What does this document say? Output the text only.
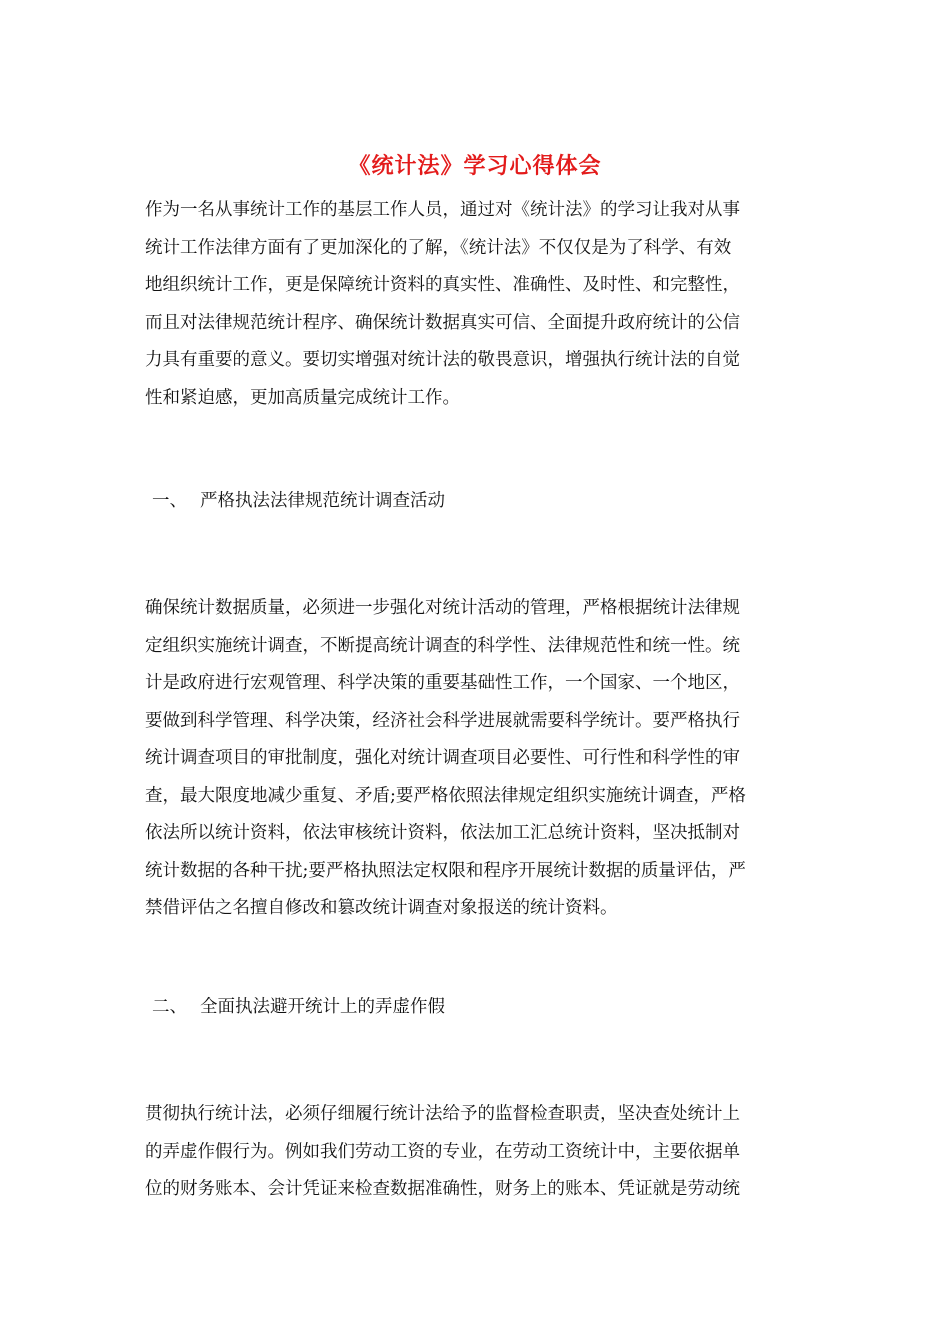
《统计法》学习心得体会
作为一名从事统计工作的基层工作人员，通过对《统计法》的学习让我对从事
统计工作法律方面有了更加深化的了解，《统计法》不仅仅是为了科学、有效
地组织统计工作，更是保障统计资料的真实性、准确性、及时性、和完整性，
而且对法律规范统计程序、确保统计数据真实可信、全面提升政府统计的公信
力具有重要的意义。要切实增强对统计法的敬畏意识，增强执行统计法的自觉
性和紧迫感，更加高质量完成统计工作。
一、 严格执法法律规范统计调查活动
确保统计数据质量，必须进一步强化对统计活动的管理，严格根据统计法律规
定组织实施统计调查，不断提高统计调查的科学性、法律规范性和统一性。统
计是政府进行宏观管理、科学决策的重要基础性工作，一个国家、一个地区，
要做到科学管理、科学决策，经济社会科学进展就需要科学统计。要严格执行
统计调查项目的审批制度，强化对统计调查项目必要性、可行性和科学性的审
查，最大限度地减少重复、矛盾;要严格依照法律规定组织实施统计调查，严格
依法所以统计资料，依法审核统计资料，依法加工汇总统计资料，坚决抵制对
统计数据的各种干扰;要严格执照法定权限和程序开展统计数据的质量评估，严
禁借评估之名擅自修改和篡改统计调查对象报送的统计资料。
二、 全面执法避开统计上的弄虚作假
贯彻执行统计法，必须仔细履行统计法给予的监督检查职责，坚决查处统计上
的弄虚作假行为。例如我们劳动工资的专业，在劳动工资统计中，主要依据单
位的财务账本、会计凭证来检查数据准确性，财务上的账本、凭证就是劳动统
